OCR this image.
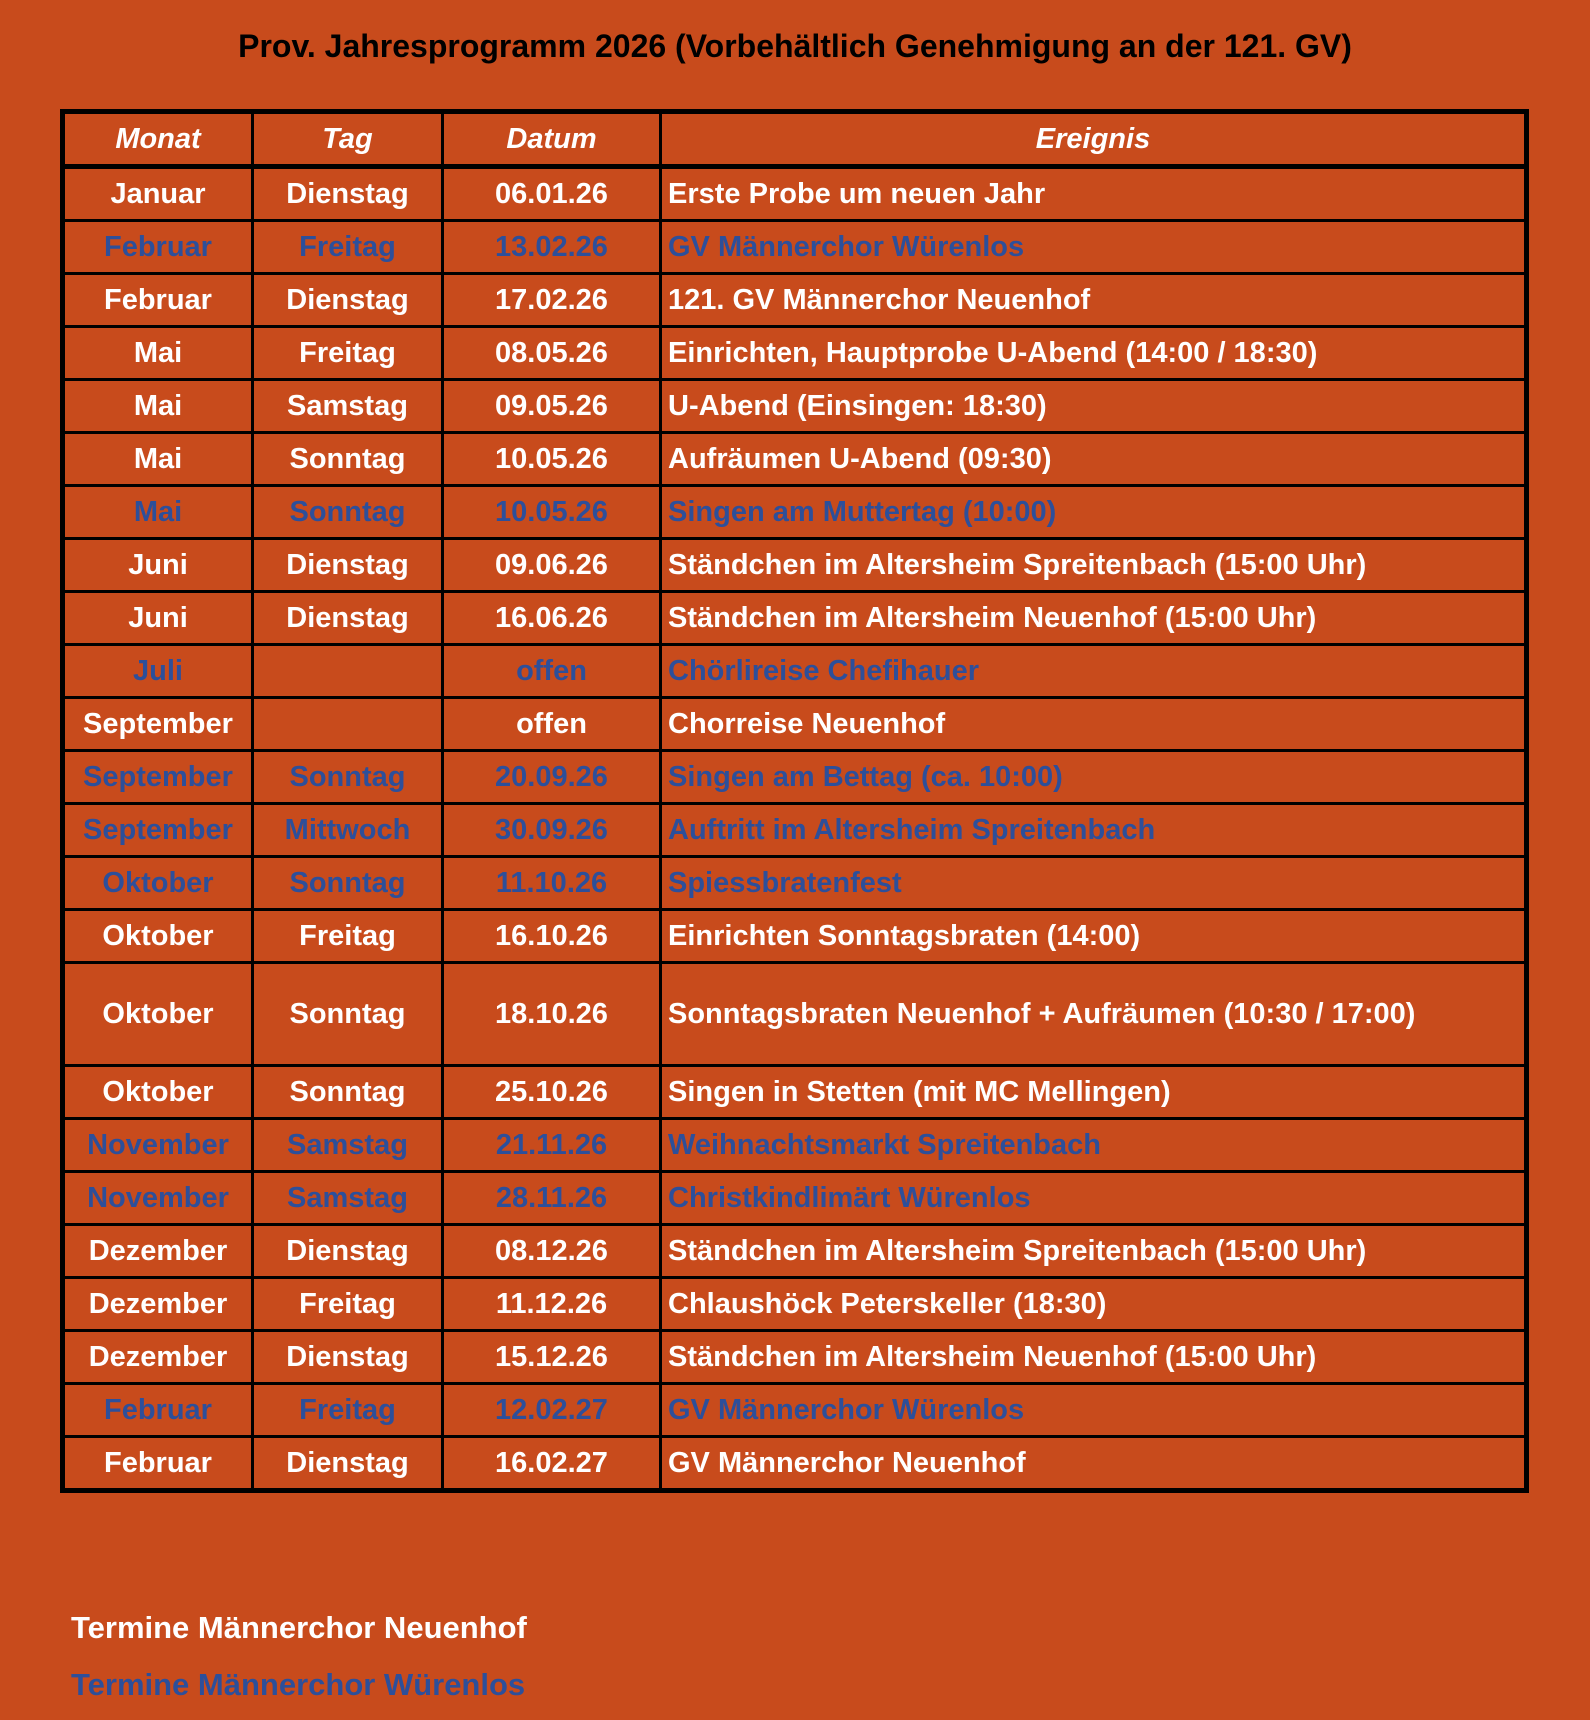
Prov. Jahresprogramm 2026 (Vorbehältlich Genehmigung an der 121. GV)
Monat	Tag	Datum	Ereignis
Januar	Dienstag	06.01.26	Erste Probe um neuen Jahr
Februar	Freitag	13.02.26	GV Männerchor Würenlos
Februar	Dienstag	17.02.26	121. GV Männerchor Neuenhof
Mai	Freitag	08.05.26	Einrichten, Hauptprobe U-Abend (14:00 / 18:30)
Mai	Samstag	09.05.26	U-Abend (Einsingen: 18:30)
Mai	Sonntag	10.05.26	Aufräumen U-Abend (09:30)
Mai	Sonntag	10.05.26	Singen am Muttertag (10:00)
Juni	Dienstag	09.06.26	Ständchen im Altersheim Spreitenbach (15:00 Uhr)
Juni	Dienstag	16.06.26	Ständchen im Altersheim Neuenhof (15:00 Uhr)
Juli		offen	Chörlireise Chefihauer
September		offen	Chorreise Neuenhof
September	Sonntag	20.09.26	Singen am Bettag (ca. 10:00)
September	Mittwoch	30.09.26	Auftritt im Altersheim Spreitenbach
Oktober	Sonntag	11.10.26	Spiessbratenfest
Oktober	Freitag	16.10.26	Einrichten Sonntagsbraten (14:00)
Oktober	Sonntag	18.10.26	Sonntagsbraten Neuenhof + Aufräumen (10:30 / 17:00)
Oktober	Sonntag	25.10.26	Singen in Stetten (mit MC Mellingen)
November	Samstag	21.11.26	Weihnachtsmarkt Spreitenbach
November	Samstag	28.11.26	Christkindlimärt Würenlos
Dezember	Dienstag	08.12.26	Ständchen im Altersheim Spreitenbach (15:00 Uhr)
Dezember	Freitag	11.12.26	Chlaushöck Peterskeller (18:30)
Dezember	Dienstag	15.12.26	Ständchen im Altersheim Neuenhof (15:00 Uhr)
Februar	Freitag	12.02.27	GV Männerchor Würenlos
Februar	Dienstag	16.02.27	GV Männerchor Neuenhof
Termine Männerchor Neuenhof
Termine Männerchor Würenlos
